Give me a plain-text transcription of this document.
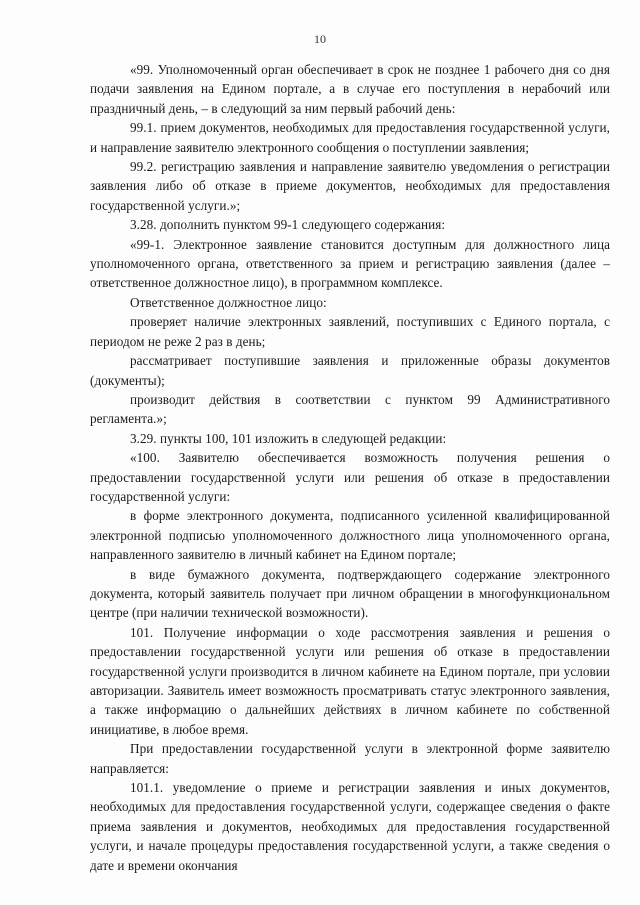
10

«99. Уполномоченный орган обеспечивает в срок не позднее 1 рабочего дня со дня подачи заявления на Едином портале, а в случае его поступления в нерабочий или праздничный день, – в следующий за ним первый рабочий день:

99.1. прием документов, необходимых для предоставления государственной услуги, и направление заявителю электронного сообщения о поступлении заявления;

99.2. регистрацию заявления и направление заявителю уведомления о регистрации заявления либо об отказе в приеме документов, необходимых для предоставления государственной услуги.»;

3.28. дополнить пунктом 99-1 следующего содержания:

«99-1. Электронное заявление становится доступным для должностного лица уполномоченного органа, ответственного за прием и регистрацию заявления (далее – ответственное должностное лицо), в программном комплексе.

Ответственное должностное лицо:

проверяет наличие электронных заявлений, поступивших с Единого портала, с периодом не реже 2 раз в день;

рассматривает поступившие заявления и приложенные образы документов (документы);

производит действия в соответствии с пунктом 99 Административного регламента.»;

3.29. пункты 100, 101 изложить в следующей редакции:

«100. Заявителю обеспечивается возможность получения решения о предоставлении государственной услуги или решения об отказе в предоставлении государственной услуги:

в форме электронного документа, подписанного усиленной квалифицированной электронной подписью уполномоченного должностного лица уполномоченного органа, направленного заявителю в личный кабинет на Едином портале;

в виде бумажного документа, подтверждающего содержание электронного документа, который заявитель получает при личном обращении в многофункциональном центре (при наличии технической возможности).

101. Получение информации о ходе рассмотрения заявления и решения о предоставлении государственной услуги или решения об отказе в предоставлении государственной услуги производится в личном кабинете на Едином портале, при условии авторизации. Заявитель имеет возможность просматривать статус электронного заявления, а также информацию о дальнейших действиях в личном кабинете по собственной инициативе, в любое время.

При предоставлении государственной услуги в электронной форме заявителю направляется:

101.1. уведомление о приеме и регистрации заявления и иных документов, необходимых для предоставления государственной услуги, содержащее сведения о факте приема заявления и документов, необходимых для предоставления государственной услуги, и начале процедуры предоставления государственной услуги, а также сведения о дате и времени окончания
